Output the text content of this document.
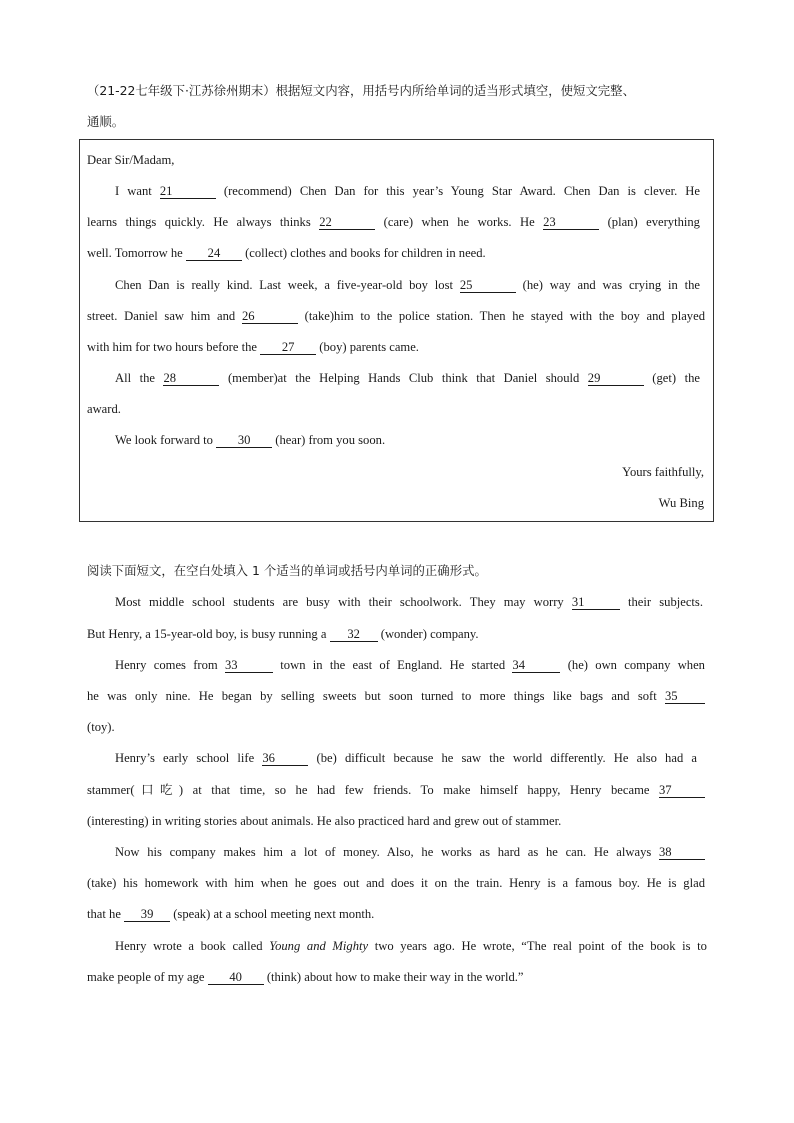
（21-22七年级下·江苏徐州期末）根据短文内容，用括号内所给单词的适当形式填空，使短文完整、
通顺。
Dear Sir/Madam,
I want 21	(recommend) Chen Dan for this year’s Young Star Award. Chen Dan is clever. He
learns things quickly. He always thinks 22	(care) when he works. He 23	(plan) everything
well. Tomorrow he 24 (collect) clothes and books for children in need.
Chen Dan is really kind. Last week, a five-year-old boy lost 25	(he) way and was crying in the
street. Daniel saw him and 26	(take)him to the police station. Then he stayed with the boy and played
with him for two hours before the 27 (boy) parents came.
All the 28	(member)at the Helping Hands Club think that Daniel should 29	(get) the
award.
We look forward to 30 (hear) from you soon.
Yours faithfully,
Wu Bing
阅读下面短文，在空白处填入 1 个适当的单词或括号内单词的正确形式。
Most middle school students are busy with their schoolwork. They may worry 31	their subjects.
But Henry, a 15-year-old boy, is busy running a 32 (wonder) company.
Henry comes from 33	town in the east of England. He started 34	(he) own company when
he was only nine. He began by selling sweets but soon turned to more things like bags and soft 35
(toy).
Henry’s early school life 36	(be) difficult because he saw the world differently. He also had a
stammer(口吃) at that time, so he had few friends. To make himself happy, Henry became 37
(interesting) in writing stories about animals. He also practiced hard and grew out of stammer.
Now his company makes him a lot of money. Also, he works as hard as he can. He always 38
(take) his homework with him when he goes out and does it on the train. Henry is a famous boy. He is glad
that he 39 (speak) at a school meeting next month.
Henry wrote a book called Young and Mighty two years ago. He wrote, “The real point of the book is to
make people of my age 40 (think) about how to make their way in the world.”
